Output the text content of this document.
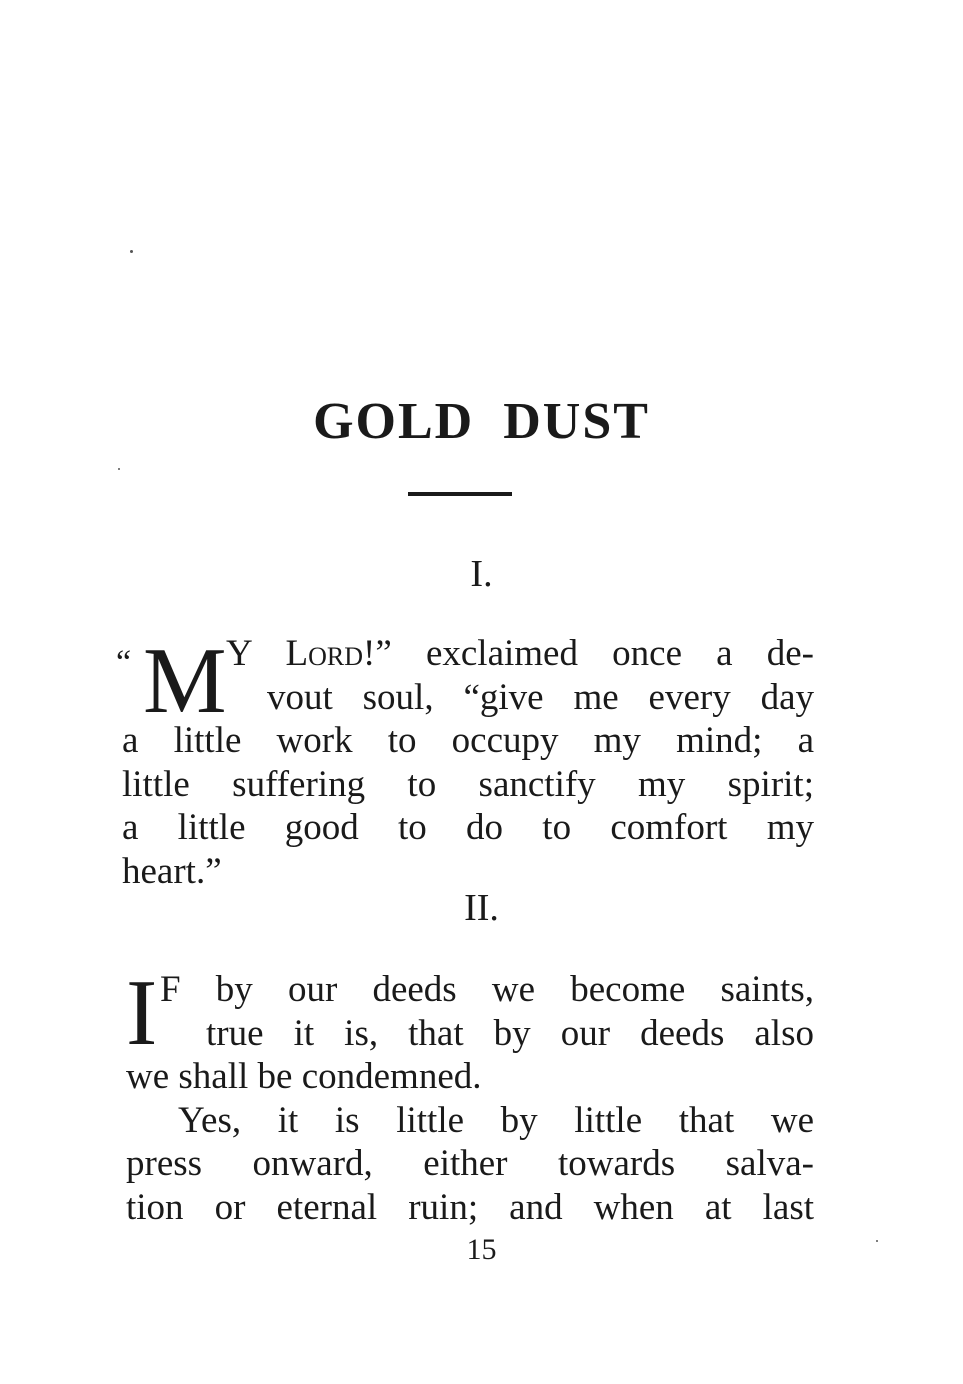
GOLD DUST
I.
“ M Y Lord!” exclaimed once a de-
vout soul, “give me every day
a little work to occupy my mind; a
little suffering to sanctify my spirit;
a little good to do to comfort my
heart.”
II.
I F by our deeds we become saints,
true it is, that by our deeds also
we shall be condemned.
Yes, it is little by little that we
press onward, either towards salva-
tion or eternal ruin; and when at last
15
